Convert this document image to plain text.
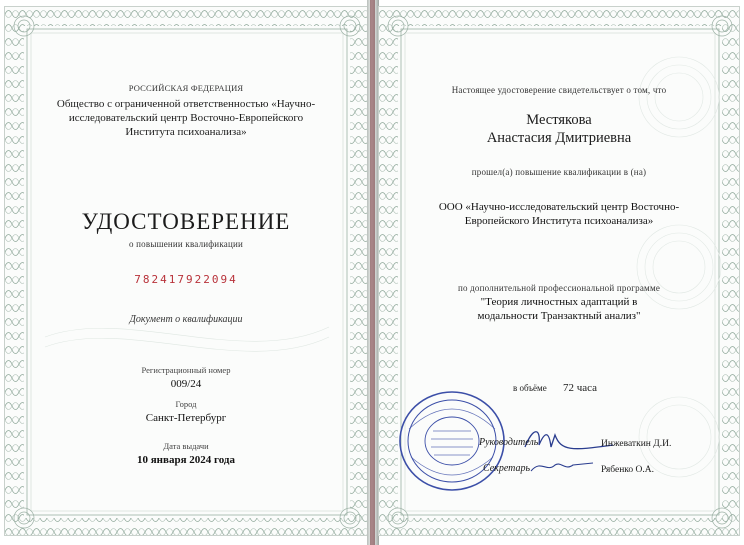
РОССИЙСКАЯ ФЕДЕРАЦИЯ
Общество с ограниченной ответственностью «Научно-исследовательский центр Восточно-Европейского Института психоанализа»
УДОСТОВЕРЕНИЕ
о повышении квалификации
782417922094
Документ о квалификации
Регистрационный номер
009/24
Город
Санкт-Петербург
Дата выдачи
10 января 2024 года
Настоящее удостоверение свидетельствует о том, что
Местякова
Анастасия Дмитриевна
прошел(а) повышение квалификации в (на)
ООО «Научно-исследовательский центр Восточно-
Европейского Института психоанализа»
по дополнительной профессиональной программе
"Теория личностных адаптаций в
модальности Транзактный анализ"
в объёме 72 часа
Руководитель	Инжеваткин Д.И.
Секретарь	Рябенко О.А.
